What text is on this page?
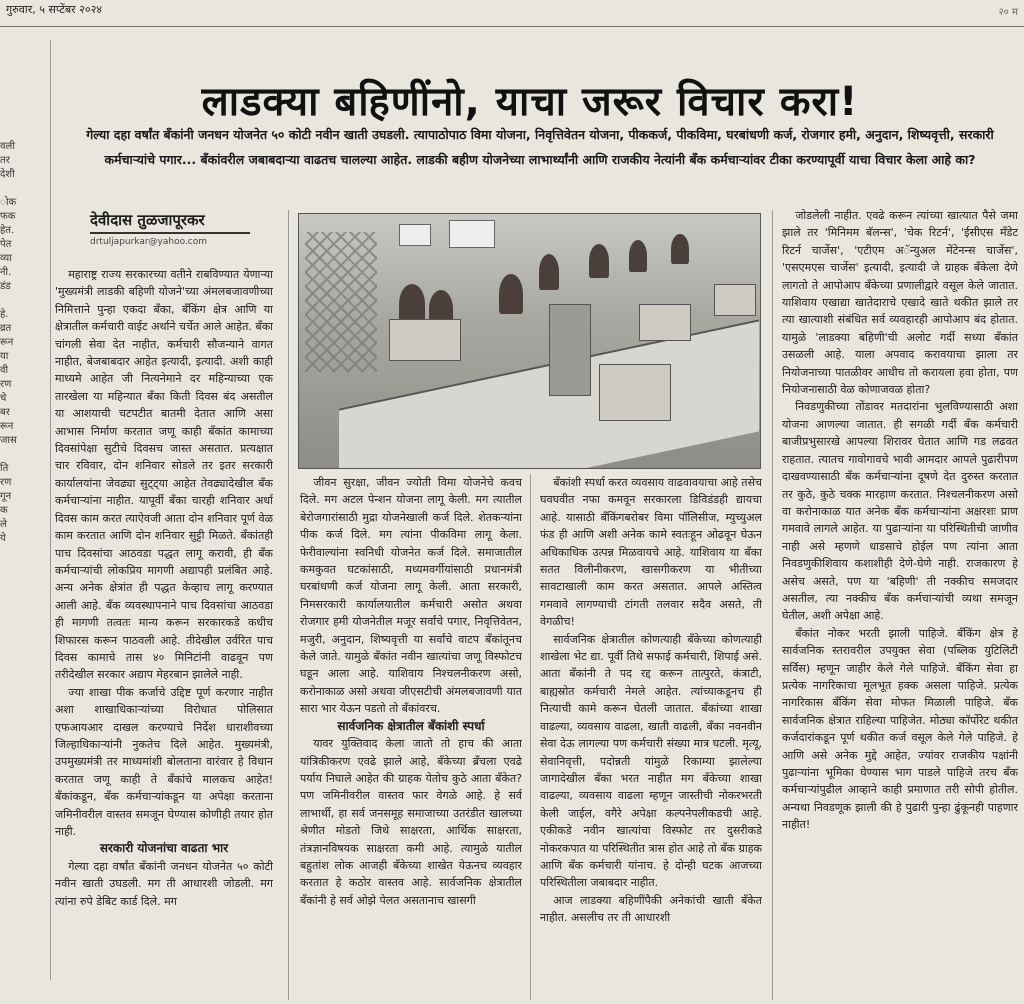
गुरुवार, ५ सप्टेंबर २०२४	२० म
वली
तर
देशी
ोक
फक
हेत.
पेत
व्या
नी.
डंड
हे.
व्रत
रून
या
वी
रण
चे
बर
रून
जास
ति
रण
गून
क
ले
ये
लाडक्या बहिणींनो, याचा जरूर विचार करा!
गेल्या दहा वर्षांत बँकांनी जनधन योजनेत ५० कोटी नवीन खाती उघडली. त्यापाठोपाठ विमा योजना, निवृत्तिवेतन योजना, पीककर्ज, पीकविमा, घरबांधणी कर्ज, रोजगार हमी, अनुदान, शिष्यवृत्ती, सरकारी कर्मचाऱ्यांचे पगार... बँकांवरील जबाबदाऱ्या वाढतच चालल्या आहेत. लाडकी बहीण योजनेच्या लाभार्थ्यांनी आणि राजकीय नेत्यांनी बँक कर्मचाऱ्यांवर टीका करण्यापूर्वी याचा विचार केला आहे का?
देवीदास तुळजापूरकर
drtuljapurkar@yahoo.com

महाराष्ट्र राज्य सरकारच्या वतीने राबविण्यात येणाऱ्या 'मुख्यमंत्री लाडकी बहिणी योजने'च्या अंमलबजावणीच्या निमित्ताने पुन्हा एकदा बँका, बँकिंग क्षेत्र आणि या क्षेत्रातील कर्मचारी वाईट अर्थाने चर्चेत आले आहेत. बँका चांगली सेवा देत नाहीत, कर्मचारी सौजन्याने वागत नाहीत, बेजबाबदार आहेत इत्यादी, इत्यादी. अशी काही माध्यमे आहेत जी नित्यनेमाने दर महिन्याच्या एक तारखेला या महिन्यात बँका किती दिवस बंद असतील या आशयाची चटपटीत बातमी देतात आणि असा आभास निर्माण करतात जणू काही बँकांत कामाच्या दिवसांपेक्षा सुटीचे दिवसच जास्त असतात. प्रत्यक्षात चार रविवार, दोन शनिवार सोडले तर इतर सरकारी कार्यालयांना जेवढ्या सुट्ट्या आहेत तेवढ्यादेखील बँक कर्मचाऱ्यांना नाहीत. यापूर्वी बँका चारही शनिवार अर्धा दिवस काम करत त्याऐवजी आता दोन शनिवार पूर्ण वेळ काम करतात आणि दोन शनिवार सुट्टी मिळते. बँकांतही पाच दिवसांचा आठवडा पद्धत लागू करावी, ही बँक कर्मचाऱ्यांची लोकप्रिय मागणी अद्यापही प्रलंबित आहे. अन्य अनेक क्षेत्रांत ही पद्धत केव्हाच लागू करण्यात आली आहे. बँक व्यवस्थापनाने पाच दिवसांचा आठवडा ही मागणी तत्वतः मान्य करून सरकारकडे कधीच शिफारस करून पाठवली आहे. तीदेखील उर्वरित पाच दिवस कामाचे तास ४० मिनिटांनी वाढवून पण तरीदेखील सरकार अद्याप मेहरबान झालेले नाही.

ज्या शाखा पीक कर्जाचे उद्दिष्ट पूर्ण करणार नाहीत अशा शाखाधिकाऱ्यांच्या विरोधात पोलिसात एफआयआर दाखल करण्याचे निर्देश धाराशीवच्या जिल्हाधिकाऱ्यांनी नुकतेच दिले आहेत. मुख्यमंत्री, उपमुख्यमंत्री तर माध्यमांशी बोलताना वारंवार हे विधान करतात जणू काही ते बँकांचे मालकच आहेत! बँकांकडून, बँक कर्मचाऱ्यांकडून या अपेक्षा करताना जमिनीवरील वास्तव समजून घेण्यास कोणीही तयार होत नाही.

सरकारी योजनांचा वाढता भार

गेल्या दहा वर्षांत बँकांनी जनधन योजनेत ५० कोटी नवीन खाती उघडली. मग ती आधारशी जोडली. मग त्यांना रुपे डेबिट कार्ड दिले. मग

जीवन सुरक्षा, जीवन ज्योती विमा योजनेचे कवच दिले. मग अटल पेन्शन योजना लागू केली. मग त्यातील बेरोजगारांसाठी मुद्रा योजनेखाली कर्ज दिले. शेतकऱ्यांना पीक कर्ज दिले. मग त्यांना पीकविमा लागू केला. फेरीवाल्यांना स्वनिधी योजनेत कर्ज दिले. समाजातील कमकुवत घटकांसाठी, मध्यमवर्गीयांसाठी प्रधानमंत्री घरबांधणी कर्ज योजना लागू केली. आता सरकारी, निमसरकारी कार्यालयातील कर्मचारी असोत अथवा रोजगार हमी योजनेतील मजूर सर्वांचे पगार, निवृत्तिवेतन, मजुरी, अनुदान, शिष्यवृत्ती या सर्वांचे वाटप बँकांतूनच केले जाते. यामुळे बँकांत नवीन खात्यांचा जणू विस्फोटच घडून आला आहे. याशिवाय निश्चलनीकरण असो, करोनाकाळ असो अथवा जीएसटीची अंमलबजावणी यात सारा भार येऊन पडतो तो बँकांवरच.

सार्वजनिक क्षेत्रातील बँकांशी स्पर्धा

यावर युक्तिवाद केला जातो तो हाच की आता यांत्रिकीकरण एवढे झाले आहे, बँकेच्या ब्रँचला एवढे पर्याय निघाले आहेत की ग्राहक येतोच कुठे आता बँकेत? पण जमिनीवरील वास्तव फार वेगळे आहे. हे सर्व लाभार्थी, हा सर्व जनसमूह समाजाच्या उतरंडीत खालच्या श्रेणीत मोडतो जिथे साक्षरता, आर्थिक साक्षरता, तंत्रज्ञानविषयक साक्षरता कमी आहे. त्यामुळे यातील बहुतांश लोक आजही बँकेच्या शाखेत येऊनच व्यवहार करतात हे कठोर वास्तव आहे. सार्वजनिक क्षेत्रातील बँकांनी हे सर्व ओझे पेलत असतानाच खासगी

बँकांशी स्पर्धा करत व्यवसाय वाढवावयाचा आहे तसेच घवघवीत नफा कमवून सरकारला डिविडंडही द्यायचा आहे. यासाठी बँकिंगबरोबर विमा पॉलिसीज, म्युच्युअल फंड ही आणि अशी अनेक कामे स्वतःहून ओढवून घेऊन अधिकाधिक उत्पन्न मिळवायचे आहे. याशिवाय या बँका सतत विलीनीकरण, खासगीकरण या भीतीच्या सावटाखाली काम करत असतात. आपले अस्तित्व गमवावे लागण्याची टांगती तलवार सदैव असते, ती वेगळीच!

सार्वजनिक क्षेत्रातील कोणत्याही बँकेच्या कोणत्याही शाखेला भेट द्या. पूर्वी तिथे सफाई कर्मचारी, शिपाई असे. आता बँकांनी ते पद रद्द करून तात्पुरते, कंत्राटी, बाह्यस्रोत कर्मचारी नेमले आहेत. त्यांच्याकडूनच ही नित्याची कामे करून घेतली जातात. बँकांच्या शाखा वाढल्या, व्यवसाय वाढला, खाती वाढली, बँका नवनवीन सेवा देऊ लागल्या पण कर्मचारी संख्या मात्र घटली. मृत्यू, सेवानिवृत्ती, पदोन्नती यांमुळे रिकाम्या झालेल्या जागादेखील बँका भरत नाहीत मग बँकेच्या शाखा वाढल्या, व्यवसाय वाढला म्हणून जास्तीची नोकरभरती केली जाईल, वगैरे अपेक्षा कल्पनेपलीकडची आहे. एकीकडे नवीन खात्यांचा विस्फोट तर दुसरीकडे नोकरकपात या परिस्थितीत त्रास होत आहे तो बँक ग्राहक आणि बँक कर्मचारी यांनाच. हे दोन्ही घटक आजच्या परिस्थितीला जबाबदार नाहीत.

आज लाडक्या बहिणींपैकी अनेकांची खाती बँकेत नाहीत. असलीच तर ती आधारशी

जोडलेली नाहीत. एवढे करून त्यांच्या खात्यात पैसे जमा झाले तर 'मिनिमम बॅलन्स', 'चेक रिटर्न', 'ईसीएस मँडेट रिटर्न चार्जेस', 'एटीएम अॅन्युअल मेंटेनन्स चार्जेस', 'एसएमएस चार्जेस' इत्यादी, इत्यादी जे ग्राहक बँकेला देणे लागतो ते आपोआप बँकेच्या प्रणालीद्वारे वसूल केले जातात. याशिवाय एखाद्या खातेदाराचे एखादे खाते थकीत झाले तर त्या खात्याशी संबंधित सर्व व्यवहारही आपोआप बंद होतात. यामुळे 'लाडक्या बहिणी'ची अलोट गर्दी सध्या बँकांत उसळली आहे. याला अपवाद करावयाचा झाला तर नियोजनाच्या पातळीवर आधीच तो करायला हवा होता, पण नियोजनासाठी वेळ कोणाजवळ होता?

निवडणुकीच्या तोंडावर मतदारांना भुलविण्यासाठी अशा योजना आणल्या जातात. ही सगळी गर्दी बँक कर्मचारी बाजीप्रभुसारखे आपल्या शिरावर घेतात आणि गड लढवत राहतात. त्यातच गावोगावचे भावी आमदार आपले पुढारीपण दाखवण्यासाठी बँक कर्मचाऱ्यांना दूषणे देत दुरुस्त करतात तर कुठे, कुठे चक्क मारहाण करतात. निश्चलनीकरण असो वा करोनाकाळ यात अनेक बँक कर्मचाऱ्यांना अक्षरशः प्राण गमवावे लागले आहेत. या पुढाऱ्यांना या परिस्थितीची जाणीव नाही असे म्हणणे धाडसाचे होईल पण त्यांना आता निवडणुकीशिवाय कशाशीही देणे-घेणे नाही. राजकारण हे असेच असते, पण या 'बहिणी' ती नक्कीच समजदार असतील, त्या नक्कीच बँक कर्मचाऱ्यांची व्यथा समजून घेतील, अशी अपेक्षा आहे.

बँकांत नोकर भरती झाली पाहिजे. बँकिंग क्षेत्र हे सार्वजनिक स्तरावरील उपयुक्त सेवा (पब्लिक युटिलिटी सर्विस) म्हणून जाहीर केले गेले पाहिजे. बँकिंग सेवा हा प्रत्येक नागरिकाचा मूलभूत हक्क असला पाहिजे. प्रत्येक नागरिकास बँकिंग सेवा मोफत मिळाली पाहिजे. बँक सार्वजनिक क्षेत्रात राहिल्या पाहिजेत. मोठ्या कॉर्पोरेट थकीत कर्जदारांकडून पूर्ण थकीत कर्ज वसूल केले गेले पाहिजे. हे आणि असे अनेक मुद्दे आहेत, ज्यांवर राजकीय पक्षांनी पुढाऱ्यांना भूमिका घेण्यास भाग पाडले पाहिजे तरच बँक कर्मचाऱ्यांपुढील आव्हाने काही प्रमाणात तरी सोपी होतील. अन्यथा निवडणूक झाली की हे पुढारी पुन्हा ढुंकूनही पाहणार नाहीत!
